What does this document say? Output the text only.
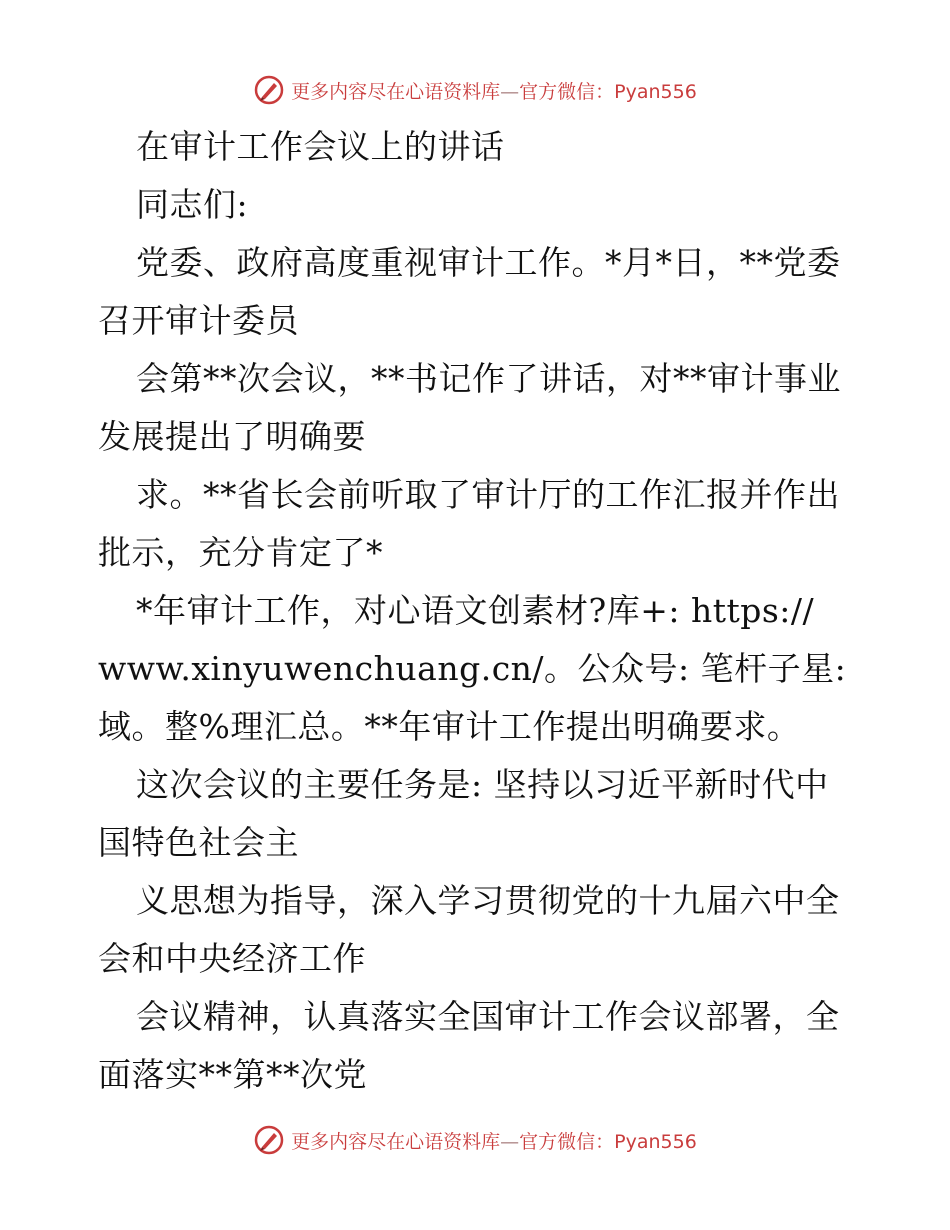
更多内容尽在心语资料库—官方微信：Pyan556
在审计工作会议上的讲话
同志们:
党委、政府高度重视审计工作。*月*日，**党委
召开审计委员
会第**次会议，**书记作了讲话，对**审计事业
发展提出了明确要
求。**省长会前听取了审计厅的工作汇报并作出
批示，充分肯定了*
*年审计工作，对心语文创素材?库+: https://
www.xinyuwenchuang.cn/。公众号: 笔杆子星:
域。整%理汇总。**年审计工作提出明确要求。
这次会议的主要任务是: 坚持以习近平新时代中
国特色社会主
义思想为指导，深入学习贯彻党的十九届六中全
会和中央经济工作
会议精神，认真落实全国审计工作会议部署，全
面落实**第**次党
更多内容尽在心语资料库—官方微信：Pyan556
